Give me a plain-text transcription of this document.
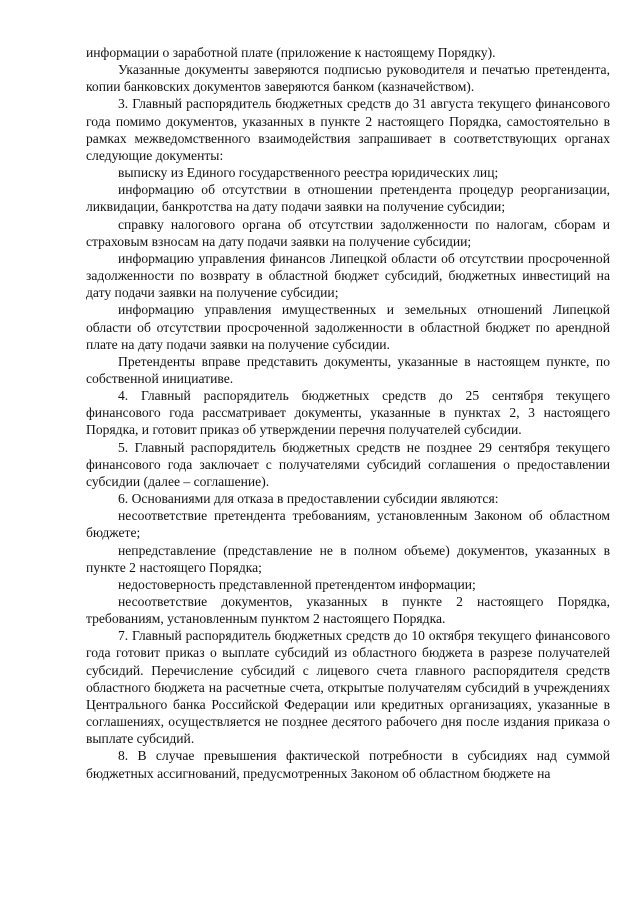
информации о заработной плате (приложение к настоящему Порядку).

Указанные документы заверяются подписью руководителя и печатью претендента, копии банковских документов заверяются банком (казначейством).

3. Главный распорядитель бюджетных средств до 31 августа текущего финансового года помимо документов, указанных в пункте 2 настоящего Порядка, самостоятельно в рамках межведомственного взаимодействия запрашивает в соответствующих органах следующие документы:

выписку из Единого государственного реестра юридических лиц;

информацию об отсутствии в отношении претендента процедур реорганизации, ликвидации, банкротства на дату подачи заявки на получение субсидии;

справку налогового органа об отсутствии задолженности по налогам, сборам и страховым взносам на дату подачи заявки на получение субсидии;

информацию управления финансов Липецкой области об отсутствии просроченной задолженности по возврату в областной бюджет субсидий, бюджетных инвестиций на дату подачи заявки на получение субсидии;

информацию управления имущественных и земельных отношений Липецкой области об отсутствии просроченной задолженности в областной бюджет по арендной плате на дату подачи заявки на получение субсидии.

Претенденты вправе представить документы, указанные в настоящем пункте, по собственной инициативе.

4. Главный распорядитель бюджетных средств до 25 сентября текущего финансового года рассматривает документы, указанные в пунктах 2, 3 настоящего Порядка, и готовит приказ об утверждении перечня получателей субсидии.

5. Главный распорядитель бюджетных средств не позднее 29 сентября текущего финансового года заключает с получателями субсидий соглашения о предоставлении субсидии (далее – соглашение).

6. Основаниями для отказа в предоставлении субсидии являются:

несоответствие претендента требованиям, установленным Законом об областном бюджете;

непредставление (представление не в полном объеме) документов, указанных в пункте 2 настоящего Порядка;

недостоверность представленной претендентом информации;

несоответствие документов, указанных в пункте 2 настоящего Порядка, требованиям, установленным пунктом 2 настоящего Порядка.

7. Главный распорядитель бюджетных средств до 10 октября текущего финансового года готовит приказ о выплате субсидий из областного бюджета в разрезе получателей субсидий. Перечисление субсидий с лицевого счета главного распорядителя средств областного бюджета на расчетные счета, открытые получателям субсидий в учреждениях Центрального банка Российской Федерации или кредитных организациях, указанные в соглашениях, осуществляется не позднее десятого рабочего дня после издания приказа о выплате субсидий.

8. В случае превышения фактической потребности в субсидиях над суммой бюджетных ассигнований, предусмотренных Законом об областном бюджете на
